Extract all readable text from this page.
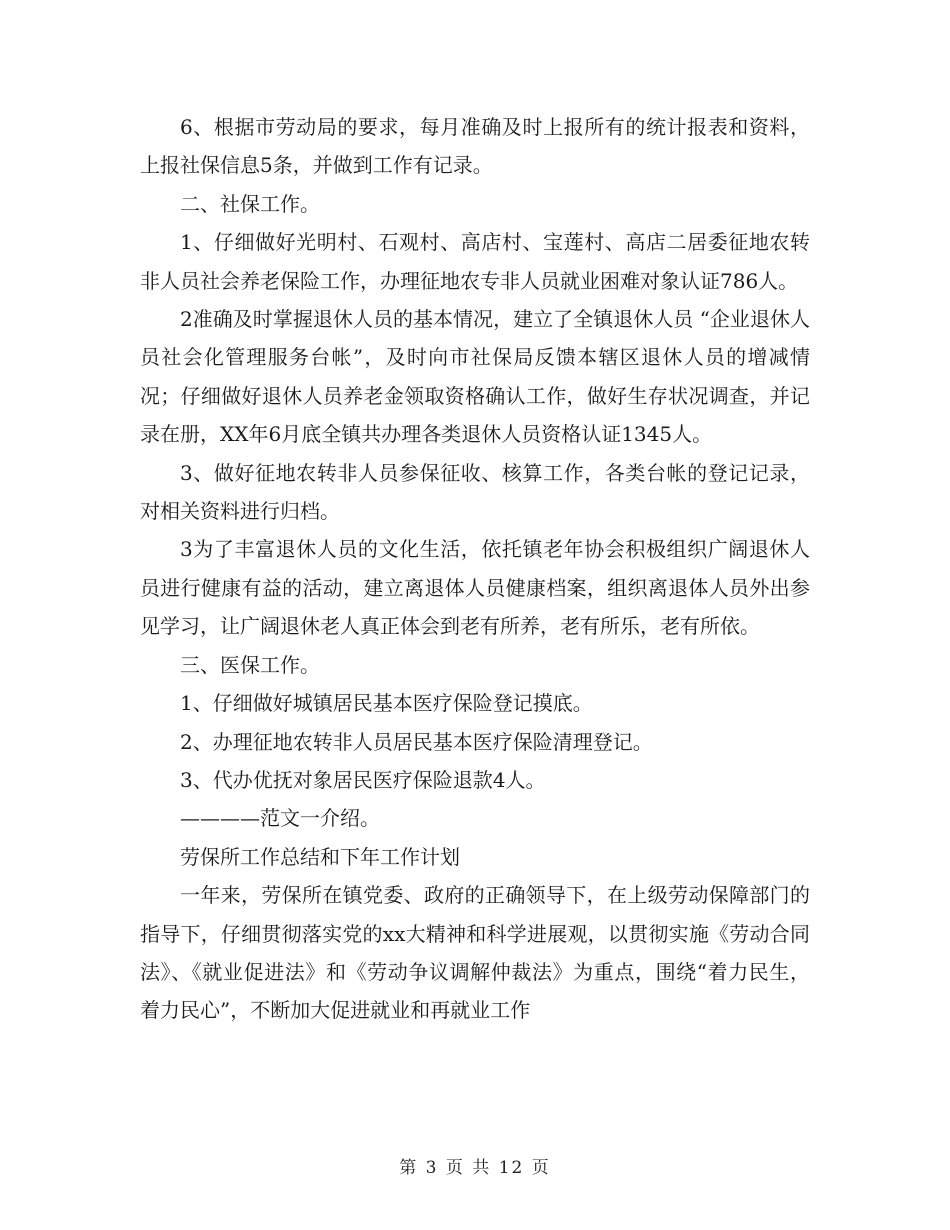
6、根据市劳动局的要求，每月准确及时上报所有的统计报表和资料，上报社保信息5条，并做到工作有记录。

二、社保工作。

1、仔细做好光明村、石观村、高店村、宝莲村、高店二居委征地农转非人员社会养老保险工作，办理征地农专非人员就业困难对象认证786人。

2准确及时掌握退休人员的基本情况，建立了全镇退休人员 “企业退休人员社会化管理服务台帐”，及时向市社保局反馈本辖区退休人员的增减情况；仔细做好退休人员养老金领取资格确认工作，做好生存状况调查，并记录在册，XX年6月底全镇共办理各类退休人员资格认证1345人。

3、做好征地农转非人员参保征收、核算工作，各类台帐的登记记录，对相关资料进行归档。

3为了丰富退休人员的文化生活，依托镇老年协会积极组织广阔退休人员进行健康有益的活动，建立离退体人员健康档案，组织离退体人员外出参见学习，让广阔退休老人真正体会到老有所养，老有所乐，老有所依。

三、医保工作。

1、仔细做好城镇居民基本医疗保险登记摸底。

2、办理征地农转非人员居民基本医疗保险清理登记。

3、代办优抚对象居民医疗保险退款4人。

————范文一介绍。

劳保所工作总结和下年工作计划

一年来，劳保所在镇党委、政府的正确领导下，在上级劳动保障部门的指导下，仔细贯彻落实党的xx大精神和科学进展观，以贯彻实施《劳动合同法》、《就业促进法》和《劳动争议调解仲裁法》为重点，围绕“着力民生，着力民心”，不断加大促进就业和再就业工作

第 3 页 共 12 页
